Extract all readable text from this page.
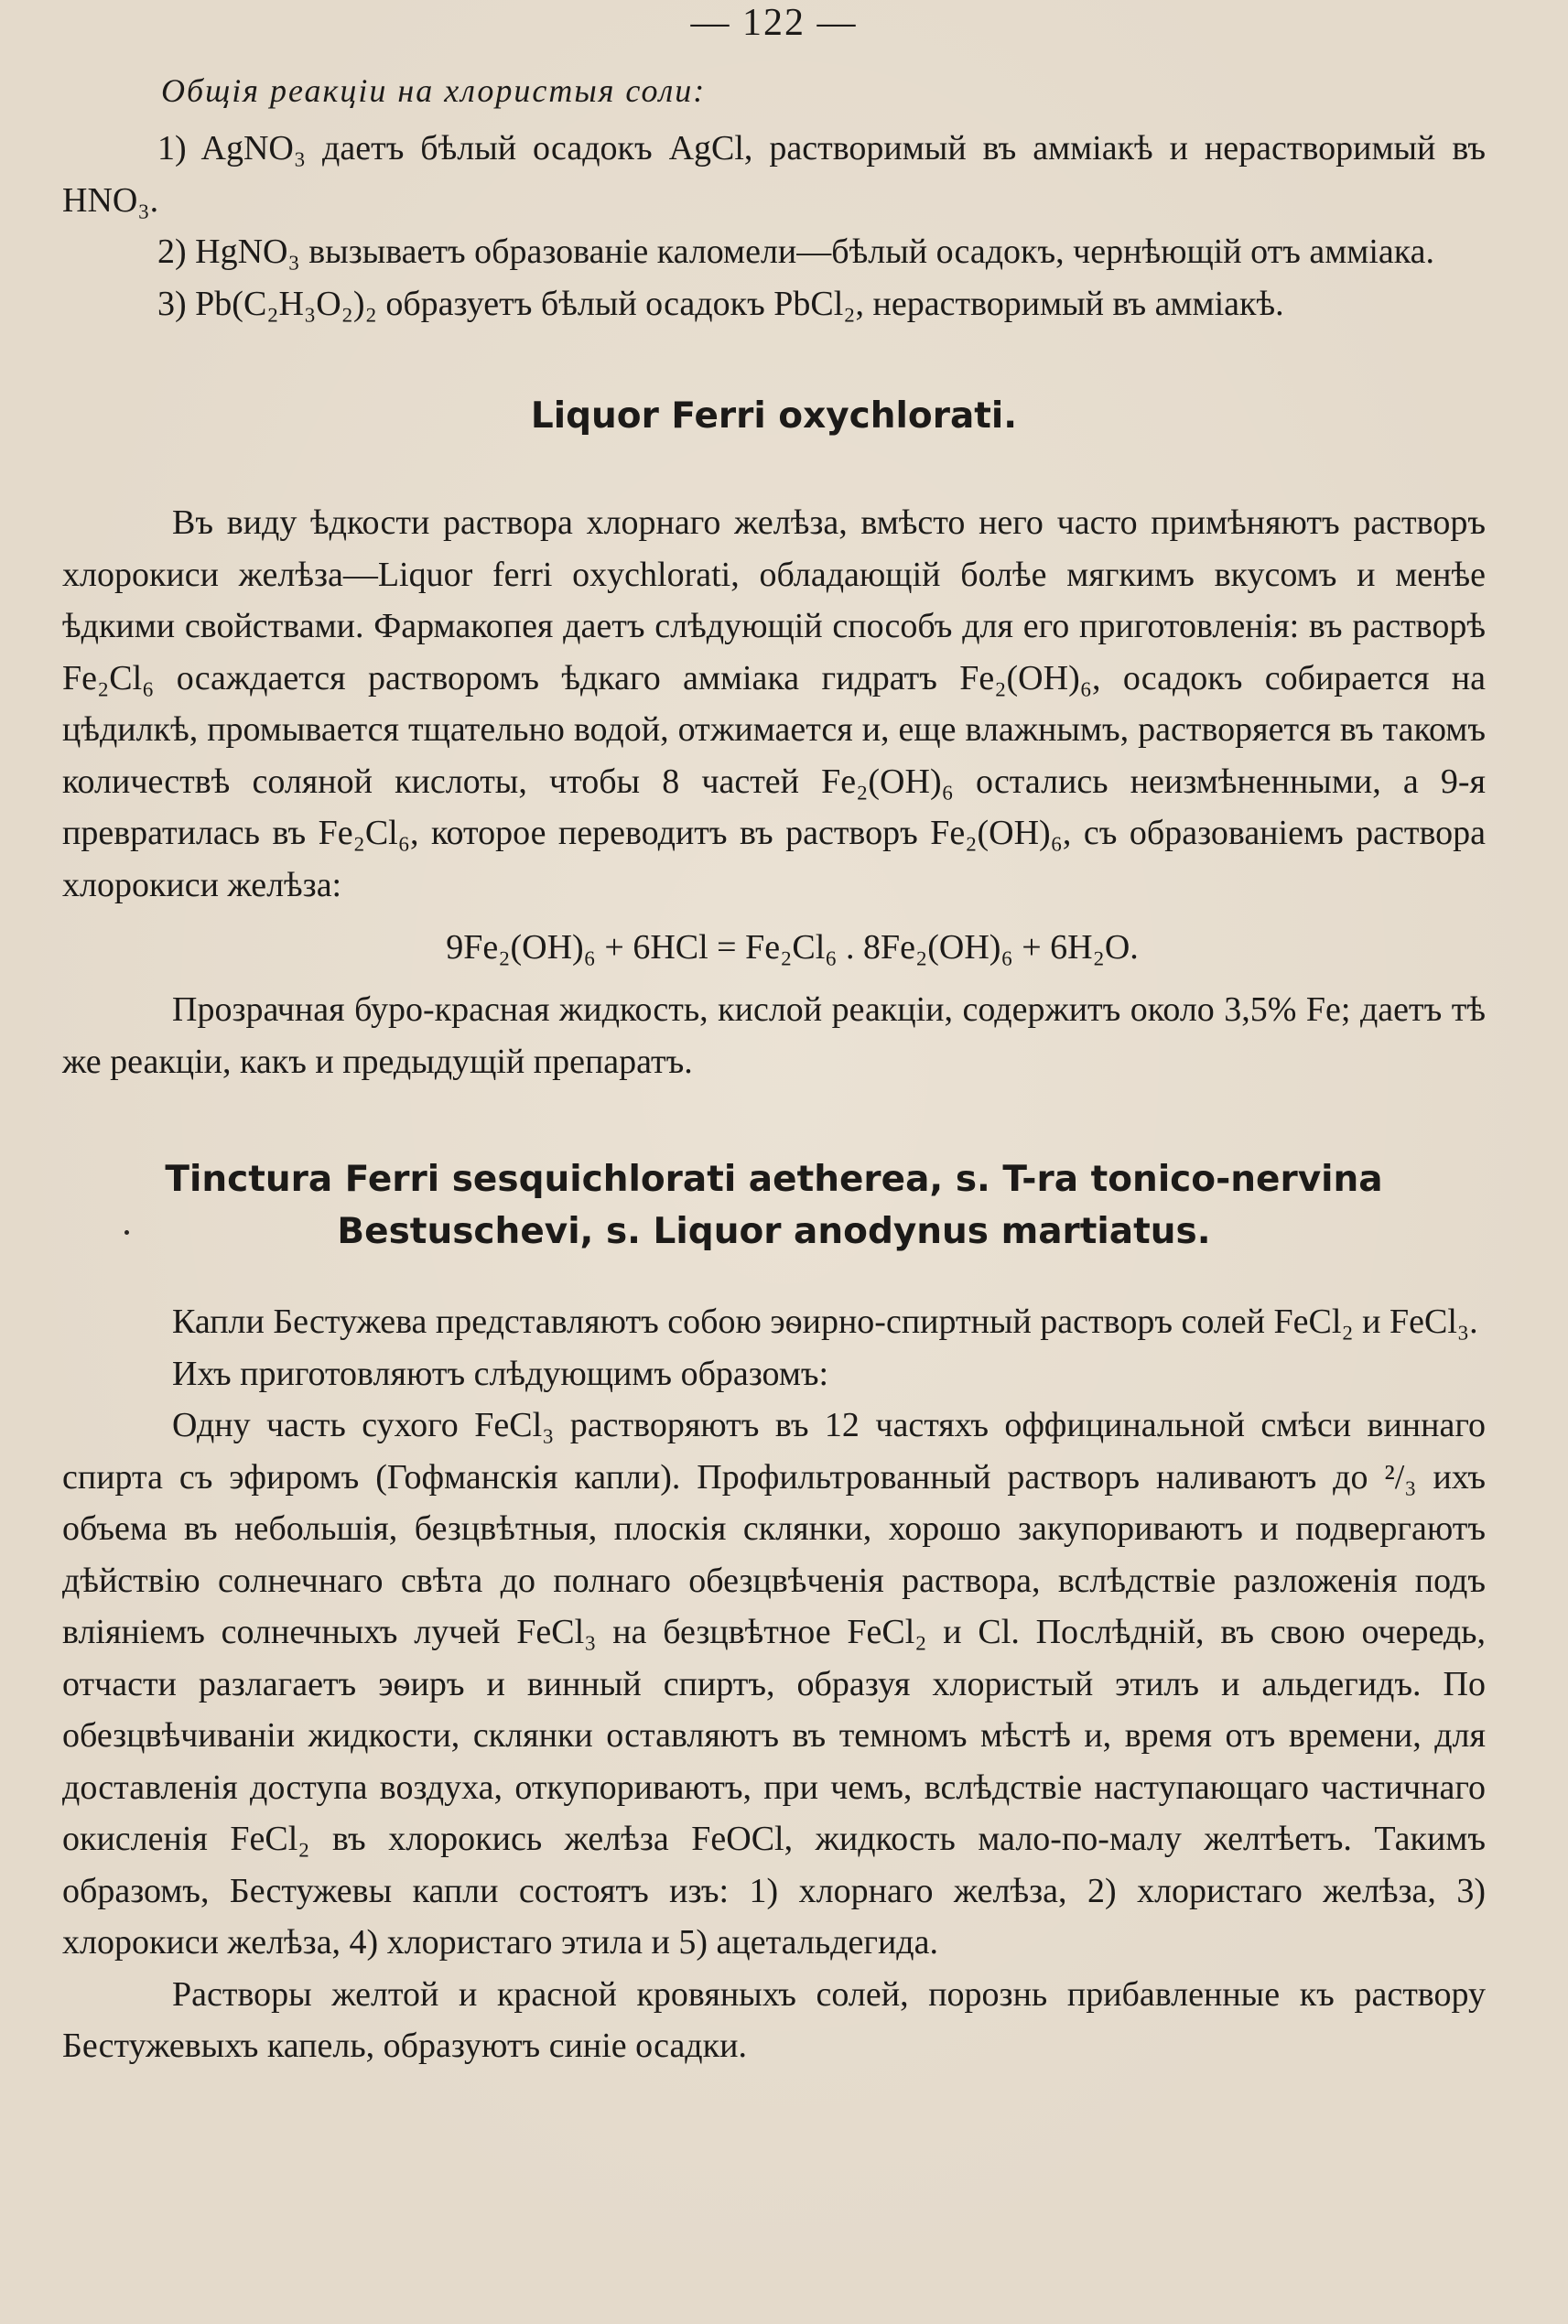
— 122 —

Общія реакціи на хлористыя соли:

1) AgNO₃ даетъ бѣлый осадокъ AgCl, растворимый въ амміакѣ и нерастворимый въ HNO₃.

2) HgNO₃ вызываетъ образованіе каломели—бѣлый осадокъ, чернѣющій отъ амміака.

3) Pb(C₂H₃O₂)₂ образуетъ бѣлый осадокъ PbCl₂, нерастворимый въ амміакѣ.

Liquor Ferri oxychlorati.

Въ виду ѣдкости раствора хлорнаго желѣза, вмѣсто него часто примѣняютъ растворъ хлорокиси желѣза—Liquor ferri oxychlorati, обладающій болѣе мягкимъ вкусомъ и менѣе ѣдкими свойствами. Фармакопея даетъ слѣдующій способъ для его приготовленія: въ растворѣ Fe₂Cl₆ осаждается растворомъ ѣдкаго амміака гидратъ Fe₂(OH)₆, осадокъ собирается на цѣдилкѣ, промывается тщательно водой, отжимается и, еще влажнымъ, растворяется въ такомъ количествѣ соляной кислоты, чтобы 8 частей Fe₂(OH)₆ остались неизмѣненными, а 9-я превратилась въ Fe₂Cl₆, которое переводитъ въ растворъ Fe₂(OH)₆, съ образованіемъ раствора хлорокиси желѣза:

9Fe₂(OH)₆ + 6HCl = Fe₂Cl₆ . 8Fe₂(OH)₆ + 6H₂O.

Прозрачная буро-красная жидкость, кислой реакціи, содержитъ около 3,5% Fe; даетъ тѣ же реакціи, какъ и предыдущій препаратъ.

Tinctura Ferri sesquichlorati aetherea, s. T-ra tonico-nervina Bestuschevi, s. Liquor anodynus martiatus.

Капли Бестужева представляютъ собою эѳирно-спиртный растворъ солей FeCl₂ и FeCl₃.

Ихъ приготовляютъ слѣдующимъ образомъ:

Одну часть сухого FeCl₃ растворяютъ въ 12 частяхъ оффицинальной смѣси виннаго спирта съ эфиромъ (Гофманскія капли). Профильтрованный растворъ наливаютъ до ²/₃ ихъ объема въ небольшія, безцвѣтныя, плоскія склянки, хорошо закупориваютъ и подвергаютъ дѣйствію солнечнаго свѣта до полнаго обезцвѣченія раствора, вслѣдствіе разложенія подъ вліяніемъ солнечныхъ лучей FeCl₃ на безцвѣтное FeCl₂ и Cl. Послѣдній, въ свою очередь, отчасти разлагаетъ эѳиръ и винный спиртъ, образуя хлористый этилъ и альдегидъ. По обезцвѣчиваніи жидкости, склянки оставляютъ въ темномъ мѣстѣ и, время отъ времени, для доставленія доступа воздуха, откупориваютъ, при чемъ, вслѣдствіе наступающаго частичнаго окисленія FeCl₂ въ хлорокись желѣза FeOCl, жидкость мало-по-малу желтѣетъ. Такимъ образомъ, Бестужевы капли состоятъ изъ: 1) хлорнаго желѣза, 2) хлористаго желѣза, 3) хлорокиси желѣза, 4) хлористаго этила и 5) ацетальдегида.

Растворы желтой и красной кровяныхъ солей, порознь прибавленные къ раствору Бестужевыхъ капель, образуютъ синіе осадки.
